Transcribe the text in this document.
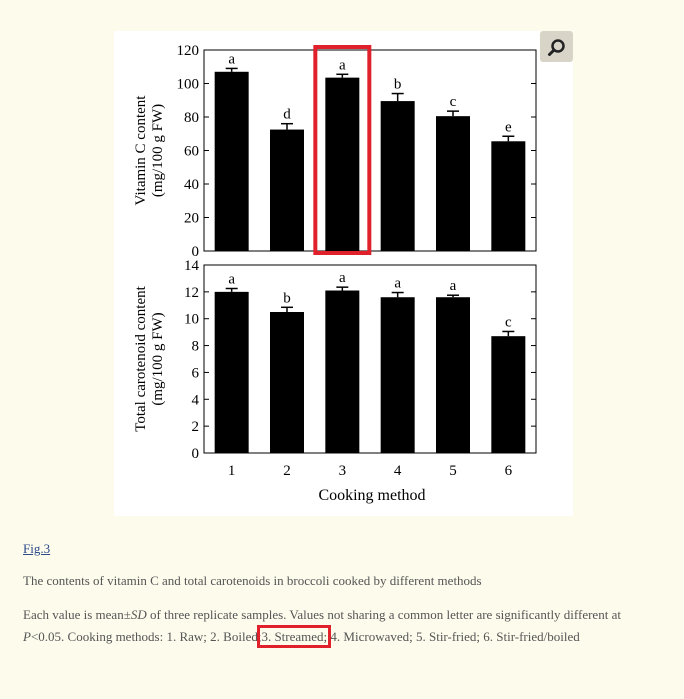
0
20
40
60
80
100
120
Vitamin C content (mg/100 g FW)
a
d
a
b
c
e
0
2
4
6
8
10
12
14
Total carotenoid content (mg/100 g FW)
a
b
a	a	a
c
1	2	3	4	5	6
Cooking method
Fig.3
The contents of vitamin C and total carotenoids in broccoli cooked by different methods
Each value is mean±SD of three replicate samples. Values not sharing a common letter are significantly different at P<0.05. Cooking methods: 1. Raw; 2. Boiled;3. Streamed; 4. Microwaved; 5. Stir-fried; 6. Stir-fried/boiled
